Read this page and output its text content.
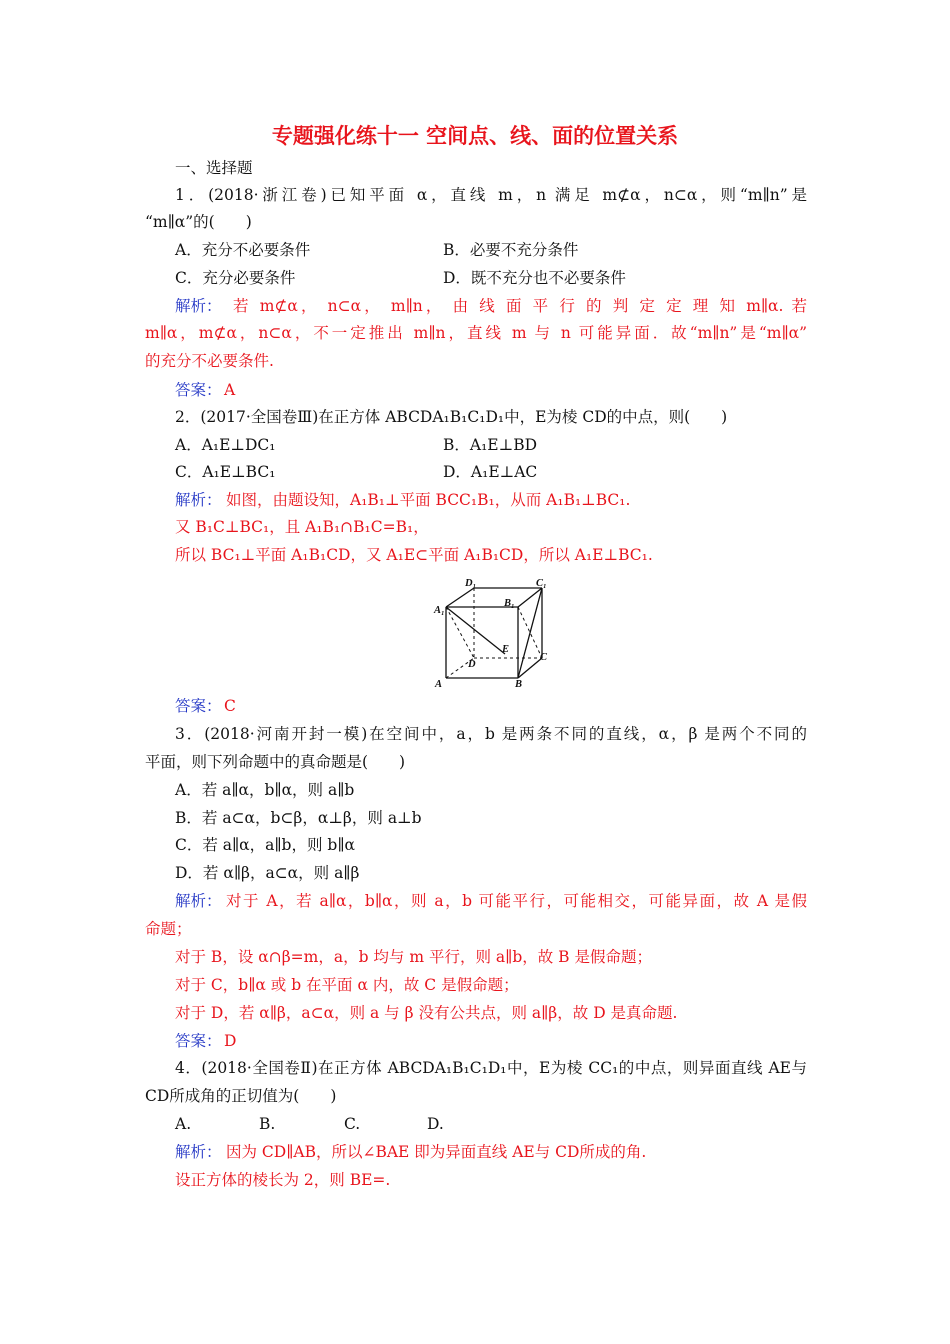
专题强化练十一 空间点、线、面的位置关系
一、选择题
1．(2018·浙江卷)已知平面 α，直线 m，n 满足 m⊄α，n⊂α，则“m∥n”是
“m∥α”的(　　)
A．充分不必要条件	B．必要不充分条件
C．充分必要条件	D．既不充分也不必要条件
解析： 若 m⊄α， n⊂α， m∥n， 由 线 面 平 行 的 判 定 定 理 知 m∥α. 若
m∥α，m⊄α，n⊂α，不一定推出 m∥n，直线 m 与 n 可能异面．故“m∥n”是“m∥α”
的充分不必要条件.
答案： A
2．(2017·全国卷Ⅲ)在正方体 ABCDA₁B₁C₁D₁中，E为棱 CD的中点，则(　　)
A．A₁E⊥DC₁	B．A₁E⊥BD
C．A₁E⊥BC₁	D．A₁E⊥AC
解析： 如图，由题设知，A₁B₁⊥平面 BCC₁B₁，从而 A₁B₁⊥BC₁.
又 B₁C⊥BC₁，且 A₁B₁∩B₁C=B₁，
所以 BC₁⊥平面 A₁B₁CD，又 A₁E⊂平面 A₁B₁CD，所以 A₁E⊥BC₁.
A	B
C
D
A₁
B₁
C₁
D₁
E
答案： C
3．(2018·河南开封一模)在空间中，a，b 是两条不同的直线，α，β 是两个不同的
平面，则下列命题中的真命题是(　　)
A．若 a∥α，b∥α，则 a∥b
B．若 a⊂α，b⊂β，α⊥β，则 a⊥b
C．若 a∥α，a∥b，则 b∥α
D．若 α∥β，a⊂α，则 a∥β
解析： 对于 A，若 a∥α，b∥α，则 a，b 可能平行，可能相交，可能异面，故 A 是假
命题；
对于 B，设 α∩β=m，a，b 均与 m 平行，则 a∥b，故 B 是假命题；
对于 C，b∥α 或 b 在平面 α 内，故 C 是假命题；
对于 D，若 α∥β，a⊂α，则 a 与 β 没有公共点，则 a∥β，故 D 是真命题.
答案： D
4．(2018·全国卷Ⅱ)在正方体 ABCDA₁B₁C₁D₁中，E为棱 CC₁的中点，则异面直线 AE与
CD所成角的正切值为(　　)
A.	B.	C.	D.
解析： 因为 CD∥AB，所以∠BAE 即为异面直线 AE与 CD所成的角.
设正方体的棱长为 2，则 BE=.
